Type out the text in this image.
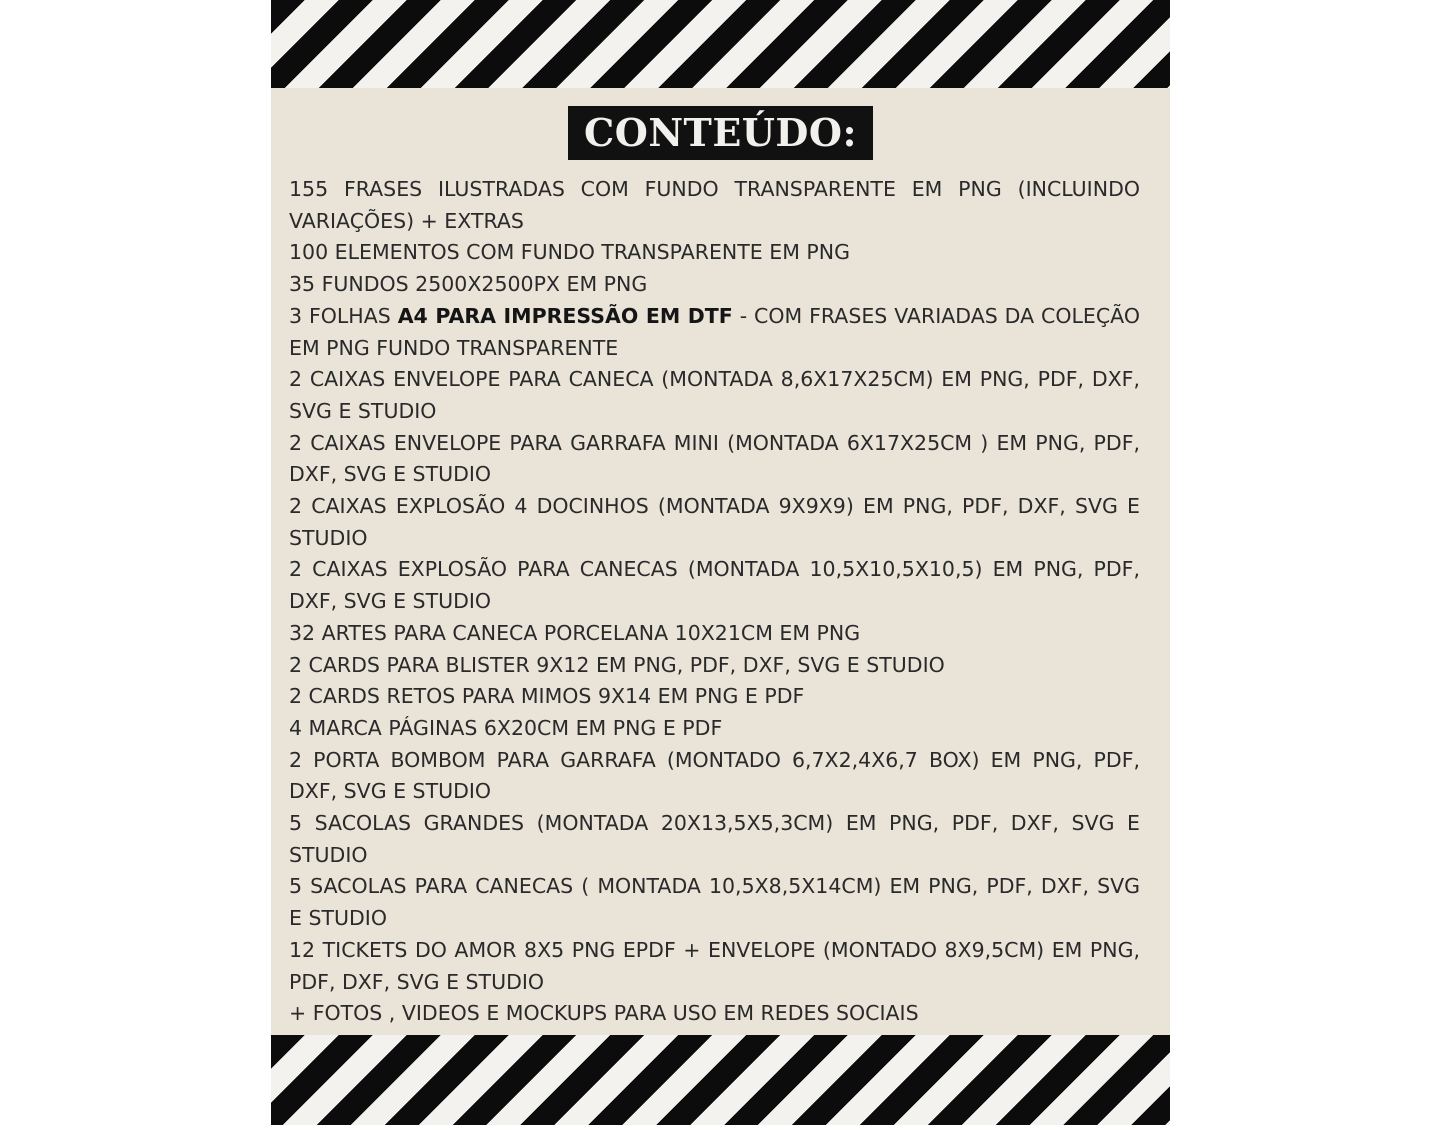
CONTEÚDO:

155 FRASES ILUSTRADAS COM FUNDO TRANSPARENTE EM PNG (INCLUINDO VARIAÇÕES) + EXTRAS

100 ELEMENTOS COM FUNDO TRANSPARENTE EM PNG

35 FUNDOS 2500X2500PX EM PNG

3 FOLHAS A4 PARA IMPRESSÃO EM DTF - COM FRASES VARIADAS DA COLEÇÃO EM PNG FUNDO TRANSPARENTE

2 CAIXAS ENVELOPE PARA CANECA (MONTADA 8,6X17X25CM) EM PNG, PDF, DXF, SVG E STUDIO

2 CAIXAS ENVELOPE PARA GARRAFA MINI (MONTADA 6X17X25CM ) EM PNG, PDF, DXF, SVG E STUDIO

2 CAIXAS EXPLOSÃO 4 DOCINHOS (MONTADA 9X9X9) EM PNG, PDF, DXF, SVG E STUDIO

2 CAIXAS EXPLOSÃO PARA CANECAS (MONTADA 10,5X10,5X10,5) EM PNG, PDF, DXF, SVG E STUDIO

32 ARTES PARA CANECA PORCELANA 10X21CM EM PNG

2 CARDS PARA BLISTER 9X12 EM PNG, PDF, DXF, SVG E STUDIO

2 CARDS RETOS PARA MIMOS 9X14 EM PNG E PDF

4 MARCA PÁGINAS 6X20CM EM PNG E PDF

2 PORTA BOMBOM PARA GARRAFA (MONTADO 6,7X2,4X6,7 BOX) EM PNG, PDF, DXF, SVG E STUDIO

5 SACOLAS GRANDES (MONTADA 20X13,5X5,3CM) EM PNG, PDF, DXF, SVG E STUDIO

5 SACOLAS PARA CANECAS ( MONTADA 10,5X8,5X14CM) EM PNG, PDF, DXF, SVG E STUDIO

12 TICKETS DO AMOR 8X5 PNG EPDF + ENVELOPE (MONTADO 8X9,5CM) EM PNG, PDF, DXF, SVG E STUDIO

+ FOTOS , VIDEOS E MOCKUPS PARA USO EM REDES SOCIAIS
